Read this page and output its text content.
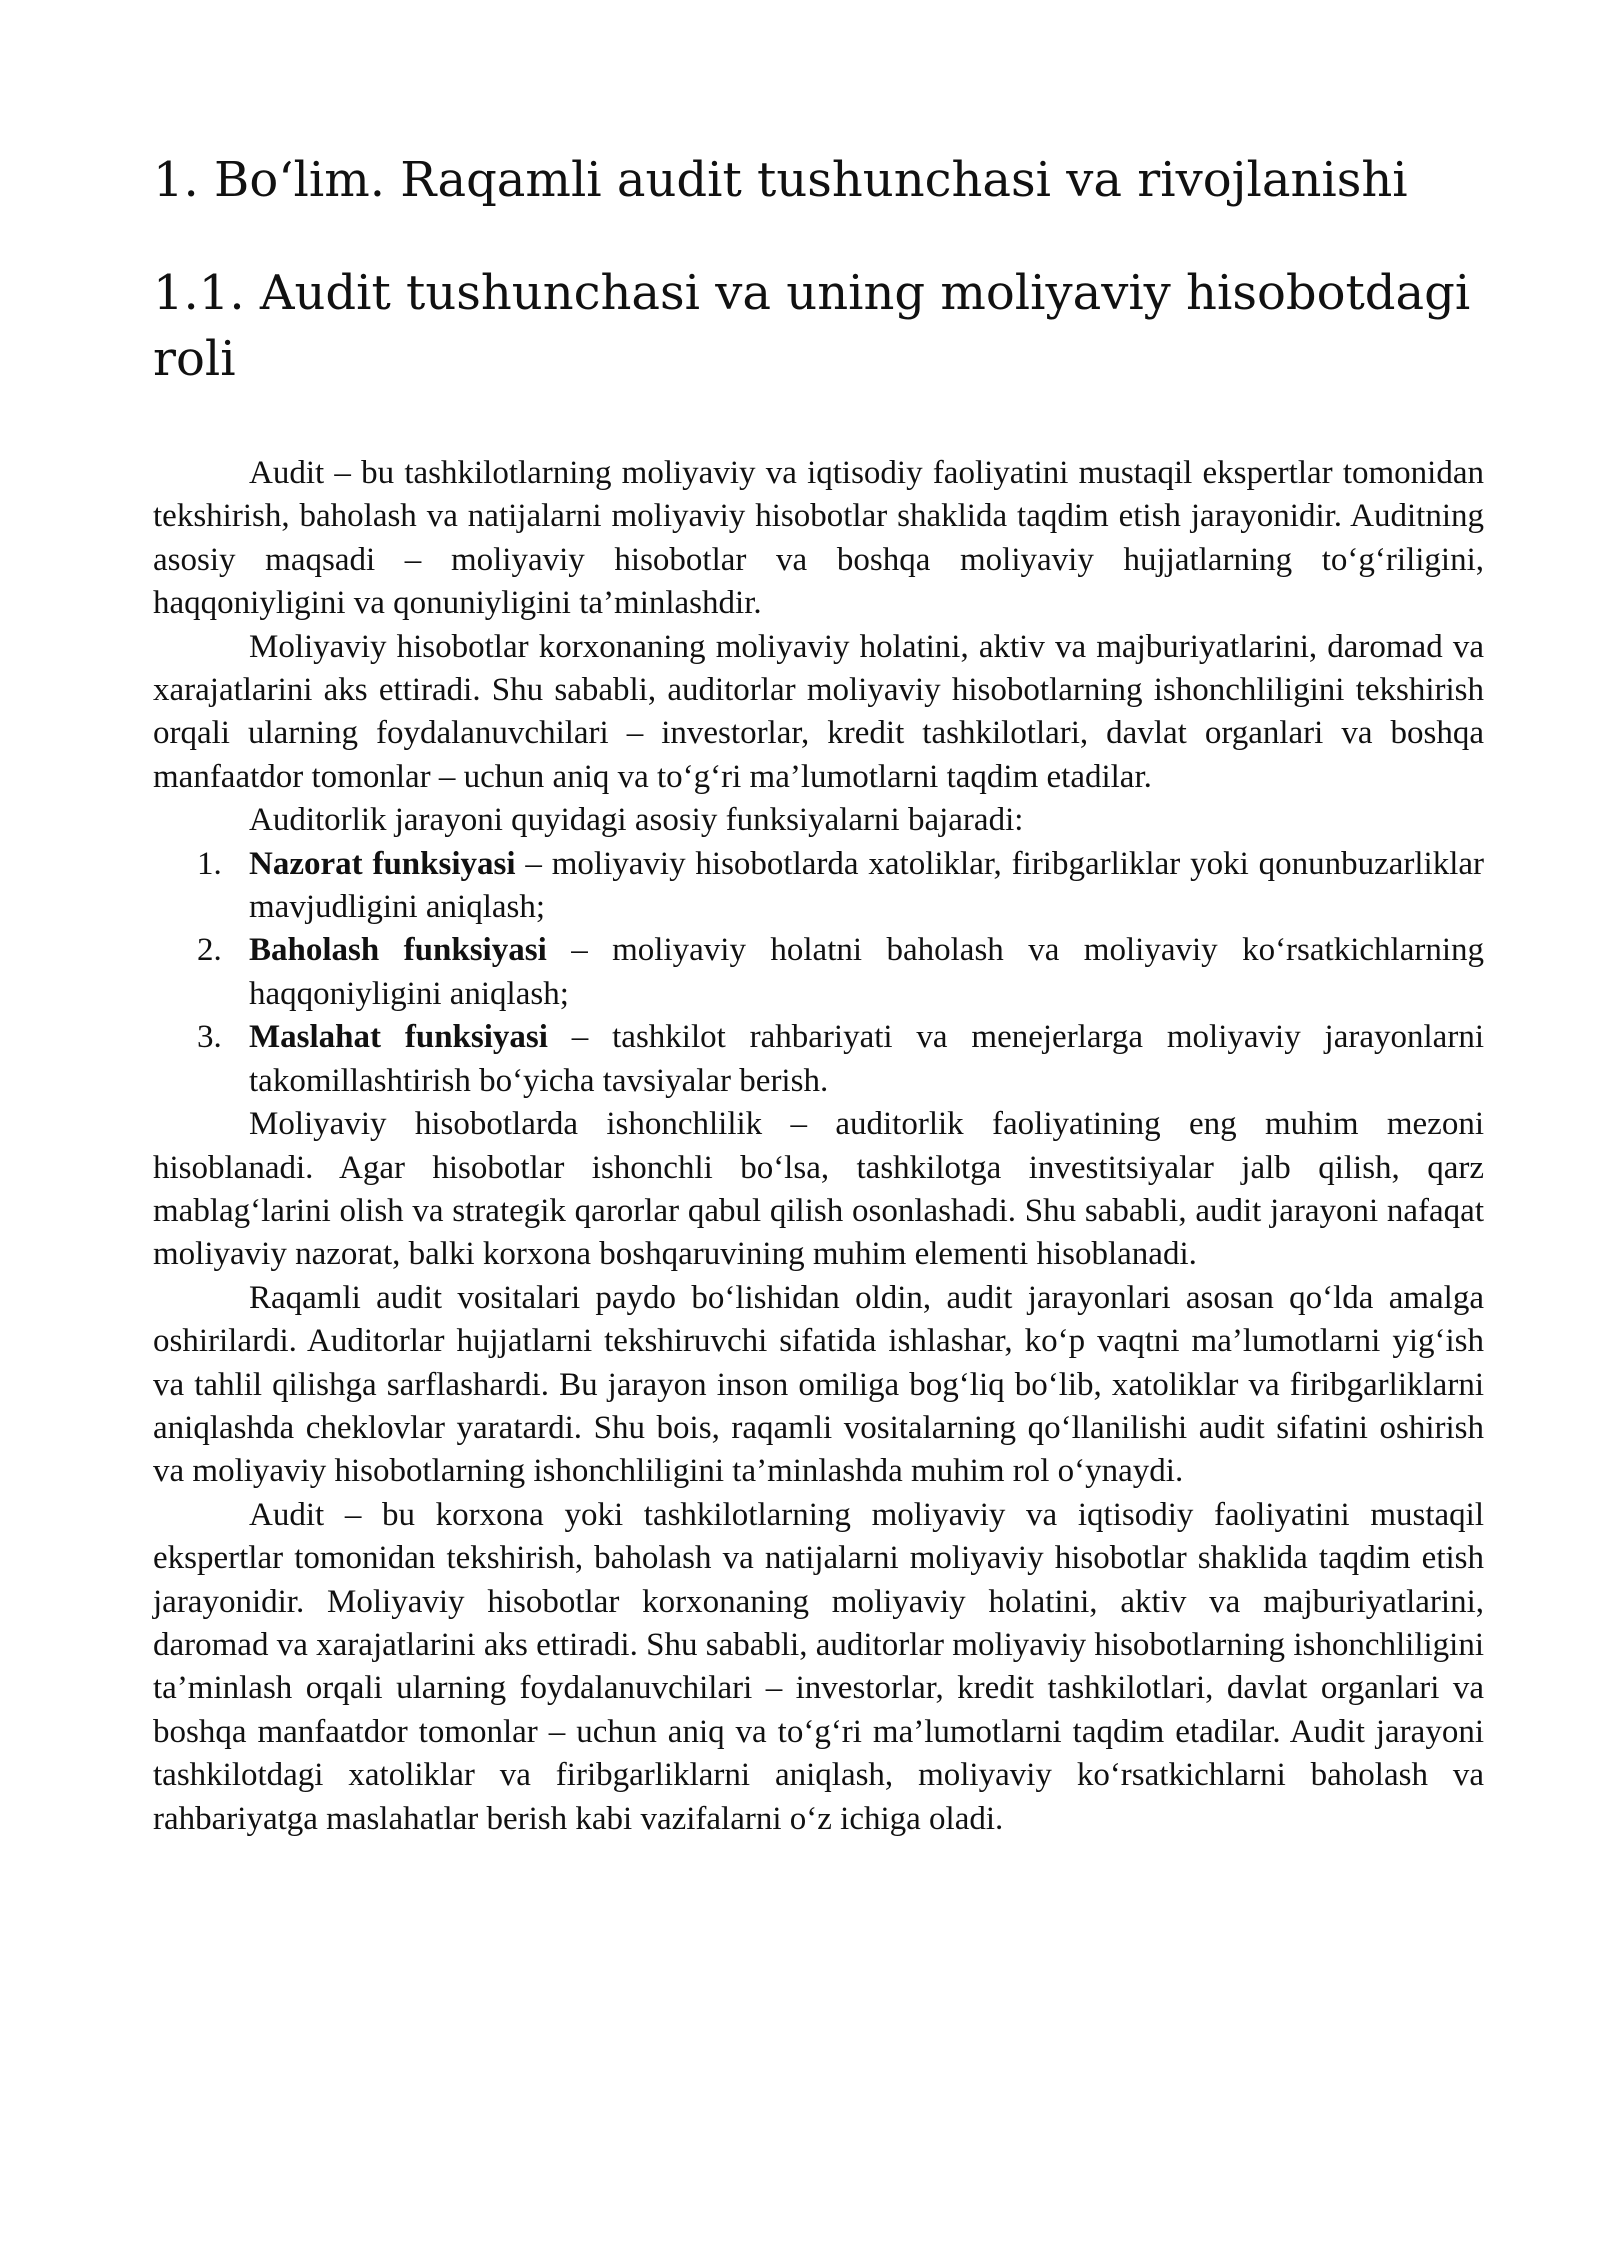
1. Bo‘lim. Raqamli audit tushunchasi va rivojlanishi
1.1. Audit tushunchasi va uning moliyaviy hisobotdagi roli

Audit – bu tashkilotlarning moliyaviy va iqtisodiy faoliyatini mustaqil ekspertlar tomonidan tekshirish, baholash va natijalarni moliyaviy hisobotlar shaklida taqdim etish jarayonidir. Auditning asosiy maqsadi – moliyaviy hisobotlar va boshqa moliyaviy hujjatlarning to‘g‘riligini, haqqoniyligini va qonuniyligini ta’minlashdir.

Moliyaviy hisobotlar korxonaning moliyaviy holatini, aktiv va majburiyatlarini, daromad va xarajatlarini aks ettiradi. Shu sababli, auditorlar moliyaviy hisobotlarning ishonchliligini tekshirish orqali ularning foydalanuvchilari – investorlar, kredit tashkilotlari, davlat organlari va boshqa manfaatdor tomonlar – uchun aniq va to‘g‘ri ma’lumotlarni taqdim etadilar.

Auditorlik jarayoni quyidagi asosiy funksiyalarni bajaradi:

1. Nazorat funksiyasi – moliyaviy hisobotlarda xatoliklar, firibgarliklar yoki qonunbuzarliklar mavjudligini aniqlash;
2. Baholash funksiyasi – moliyaviy holatni baholash va moliyaviy ko‘rsatkichlarning haqqoniyligini aniqlash;
3. Maslahat funksiyasi – tashkilot rahbariyati va menejerlarga moliyaviy jarayonlarni takomillashtirish bo‘yicha tavsiyalar berish.

Moliyaviy hisobotlarda ishonchlilik – auditorlik faoliyatining eng muhim mezoni hisoblanadi. Agar hisobotlar ishonchli bo‘lsa, tashkilotga investitsiyalar jalb qilish, qarz mablag‘larini olish va strategik qarorlar qabul qilish osonlashadi. Shu sababli, audit jarayoni nafaqat moliyaviy nazorat, balki korxona boshqaruvining muhim elementi hisoblanadi.

Raqamli audit vositalari paydo bo‘lishidan oldin, audit jarayonlari asosan qo‘lda amalga oshirilardi. Auditorlar hujjatlarni tekshiruvchi sifatida ishlashar, ko‘p vaqtni ma’lumotlarni yig‘ish va tahlil qilishga sarflashardi. Bu jarayon inson omiliga bog‘liq bo‘lib, xatoliklar va firibgarliklarni aniqlashda cheklovlar yaratardi. Shu bois, raqamli vositalarning qo‘llanilishi audit sifatini oshirish va moliyaviy hisobotlarning ishonchliligini ta’minlashda muhim rol o‘ynaydi.

Audit – bu korxona yoki tashkilotlarning moliyaviy va iqtisodiy faoliyatini mustaqil ekspertlar tomonidan tekshirish, baholash va natijalarni moliyaviy hisobotlar shaklida taqdim etish jarayonidir. Moliyaviy hisobotlar korxonaning moliyaviy holatini, aktiv va majburiyatlarini, daromad va xarajatlarini aks ettiradi. Shu sababli, auditorlar moliyaviy hisobotlarning ishonchliligini ta’minlash orqali ularning foydalanuvchilari – investorlar, kredit tashkilotlari, davlat organlari va boshqa manfaatdor tomonlar – uchun aniq va to‘g‘ri ma’lumotlarni taqdim etadilar. Audit jarayoni tashkilotdagi xatoliklar va firibgarliklarni aniqlash, moliyaviy ko‘rsatkichlarni baholash va rahbariyatga maslahatlar berish kabi vazifalarni o‘z ichiga oladi.
